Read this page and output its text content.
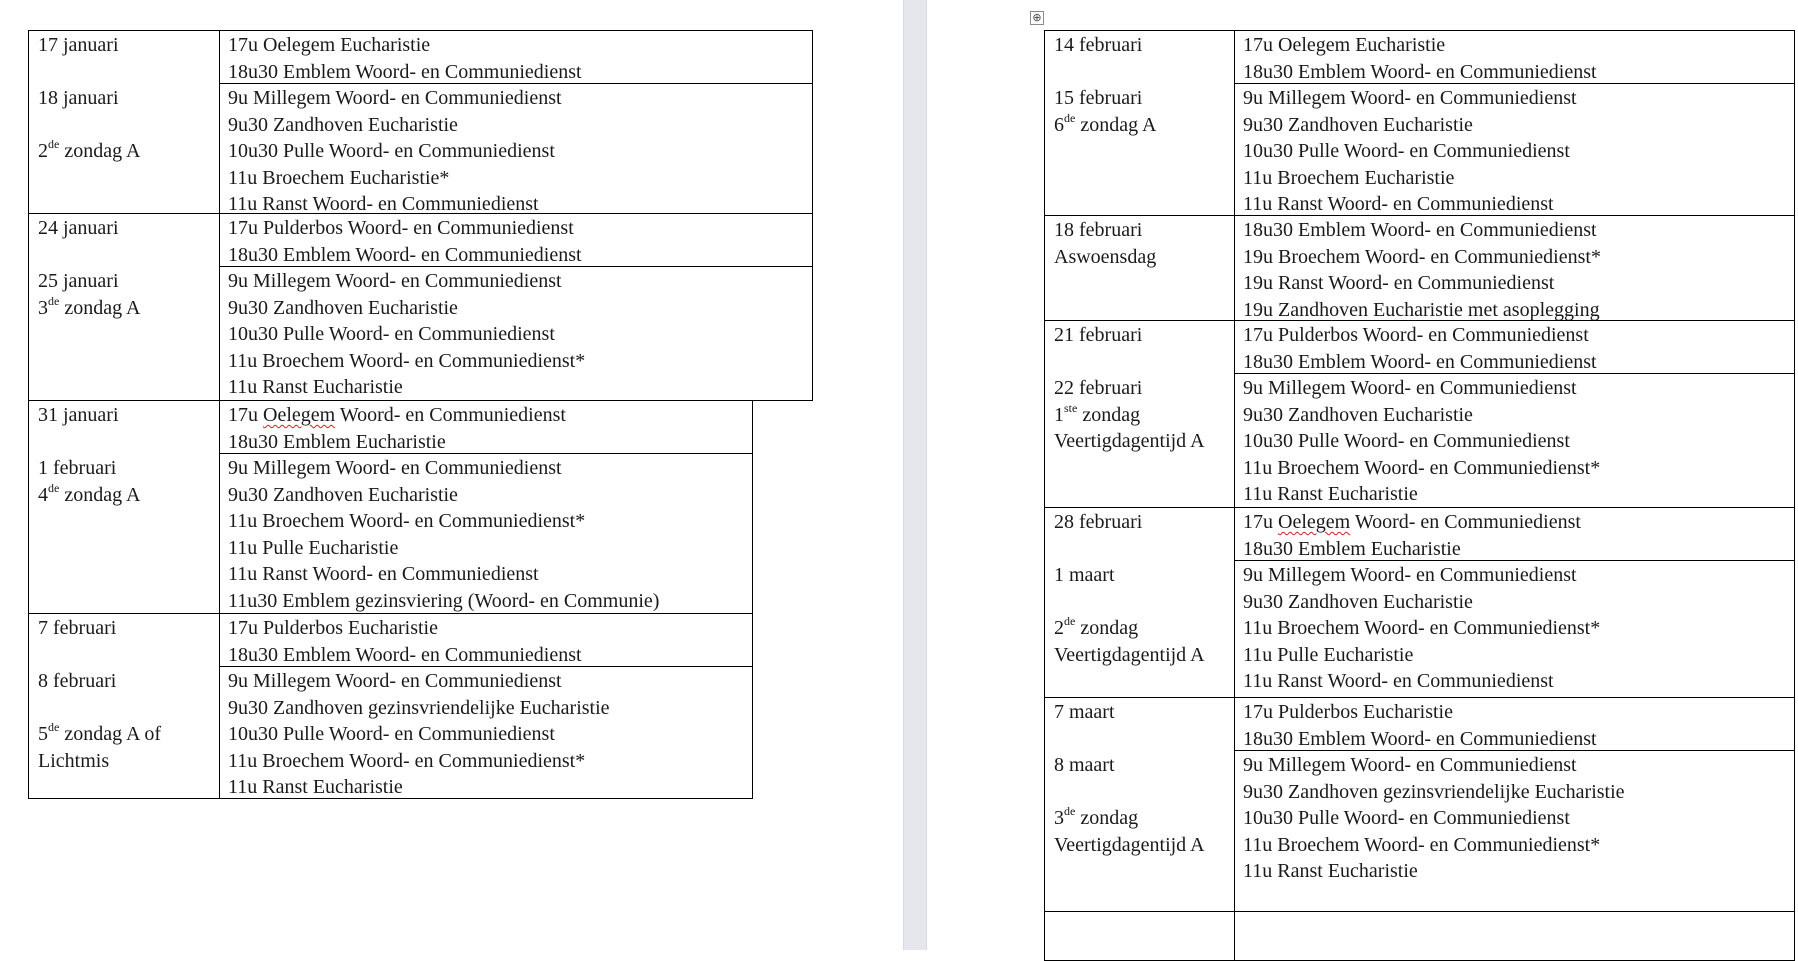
17 januari
18 januari
2de zondag A
17u Oelegem Eucharistie
18u30 Emblem Woord- en Communiedienst
9u Millegem Woord- en Communiedienst
9u30 Zandhoven Eucharistie
10u30 Pulle Woord- en Communiedienst
11u Broechem Eucharistie*
11u Ranst Woord- en Communiedienst
24 januari
25 januari
3de zondag A
17u Pulderbos Woord- en Communiedienst
18u30 Emblem Woord- en Communiedienst
9u Millegem Woord- en Communiedienst
9u30 Zandhoven Eucharistie
10u30 Pulle Woord- en Communiedienst
11u Broechem Woord- en Communiedienst*
11u Ranst Eucharistie
31 januari
1 februari
4de zondag A
17u Oelegem Woord- en Communiedienst
18u30 Emblem Eucharistie
9u Millegem Woord- en Communiedienst
9u30 Zandhoven Eucharistie
11u Broechem Woord- en Communiedienst*
11u Pulle Eucharistie
11u Ranst Woord- en Communiedienst
11u30 Emblem gezinsviering (Woord- en Communie)
7 februari
8 februari
5de zondag A of
Lichtmis
17u Pulderbos Eucharistie
18u30 Emblem Woord- en Communiedienst
9u Millegem Woord- en Communiedienst
9u30 Zandhoven gezinsvriendelijke Eucharistie
10u30 Pulle Woord- en Communiedienst
11u Broechem Woord- en Communiedienst*
11u Ranst Eucharistie
⊕
14 februari
15 februari
6de zondag A
17u Oelegem Eucharistie
18u30 Emblem Woord- en Communiedienst
9u Millegem Woord- en Communiedienst
9u30 Zandhoven Eucharistie
10u30 Pulle Woord- en Communiedienst
11u Broechem Eucharistie
11u Ranst Woord- en Communiedienst
18 februari
Aswoensdag
18u30 Emblem Woord- en Communiedienst
19u Broechem Woord- en Communiedienst*
19u Ranst Woord- en Communiedienst
19u Zandhoven Eucharistie met asoplegging
21 februari
22 februari
1ste zondag
Veertigdagentijd A
17u Pulderbos Woord- en Communiedienst
18u30 Emblem Woord- en Communiedienst
9u Millegem Woord- en Communiedienst
9u30 Zandhoven Eucharistie
10u30 Pulle Woord- en Communiedienst
11u Broechem Woord- en Communiedienst*
11u Ranst Eucharistie
28 februari
1 maart
2de zondag
Veertigdagentijd A
17u Oelegem Woord- en Communiedienst
18u30 Emblem Eucharistie
9u Millegem Woord- en Communiedienst
9u30 Zandhoven Eucharistie
11u Broechem Woord- en Communiedienst*
11u Pulle Eucharistie
11u Ranst Woord- en Communiedienst
7 maart
8 maart
3de zondag
Veertigdagentijd A
17u Pulderbos Eucharistie
18u30 Emblem Woord- en Communiedienst
9u Millegem Woord- en Communiedienst
9u30 Zandhoven gezinsvriendelijke Eucharistie
10u30 Pulle Woord- en Communiedienst
11u Broechem Woord- en Communiedienst*
11u Ranst Eucharistie
